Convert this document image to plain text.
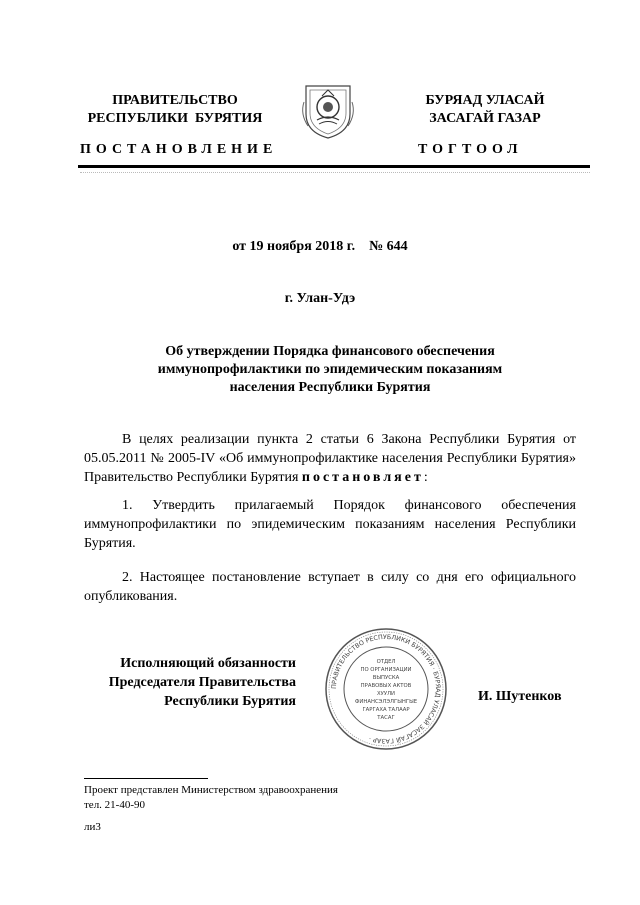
ПРАВИТЕЛЬСТВО
РЕСПУБЛИКИ  БУРЯТИЯ
БУРЯАД УЛАСАЙ
ЗАСАГАЙ ГАЗАР
ПОСТАНОВЛЕНИЕ	ТОГТООЛ
от 19 ноября 2018 г.    № 644
г. Улан-Удэ
Об утверждении Порядка финансового обеспечения
иммунопрофилактики по эпидемическим показаниям
населения Республики Бурятия
В целях реализации пункта 2 статьи 6 Закона Республики Бурятия от 05.05.2011 № 2005-IV «Об иммунопрофилактике населения Республики Бурятия» Правительство Республики Бурятия постановляет:
1. Утвердить прилагаемый Порядок финансового обеспечения иммунопрофилактики по эпидемическим показаниям населения Республики Бурятия.
2. Настоящее постановление вступает в силу со дня его официального опубликования.
Исполняющий обязанности
Председателя Правительства
Республики Бурятия
ПРАВИТЕЛЬСТВО РЕСПУБЛИКИ БУРЯТИЯ · БУРЯАД УЛАСАЙ ЗАСАГАЙ ГАЗАР ·
ОТДЕЛ
ПО ОРГАНИЗАЦИИ
ВЫПУСКА
ПРАВОВЫХ АКТОВ
ХУУЛИ
ФИНАНСЭЛЭЛГЫНГЫЕ
ГАРГАХА ТАЛААР
ТАСАГ
И. Шутенков
Проект представлен Министерством здравоохранения
тел. 21-40-90
ли3
